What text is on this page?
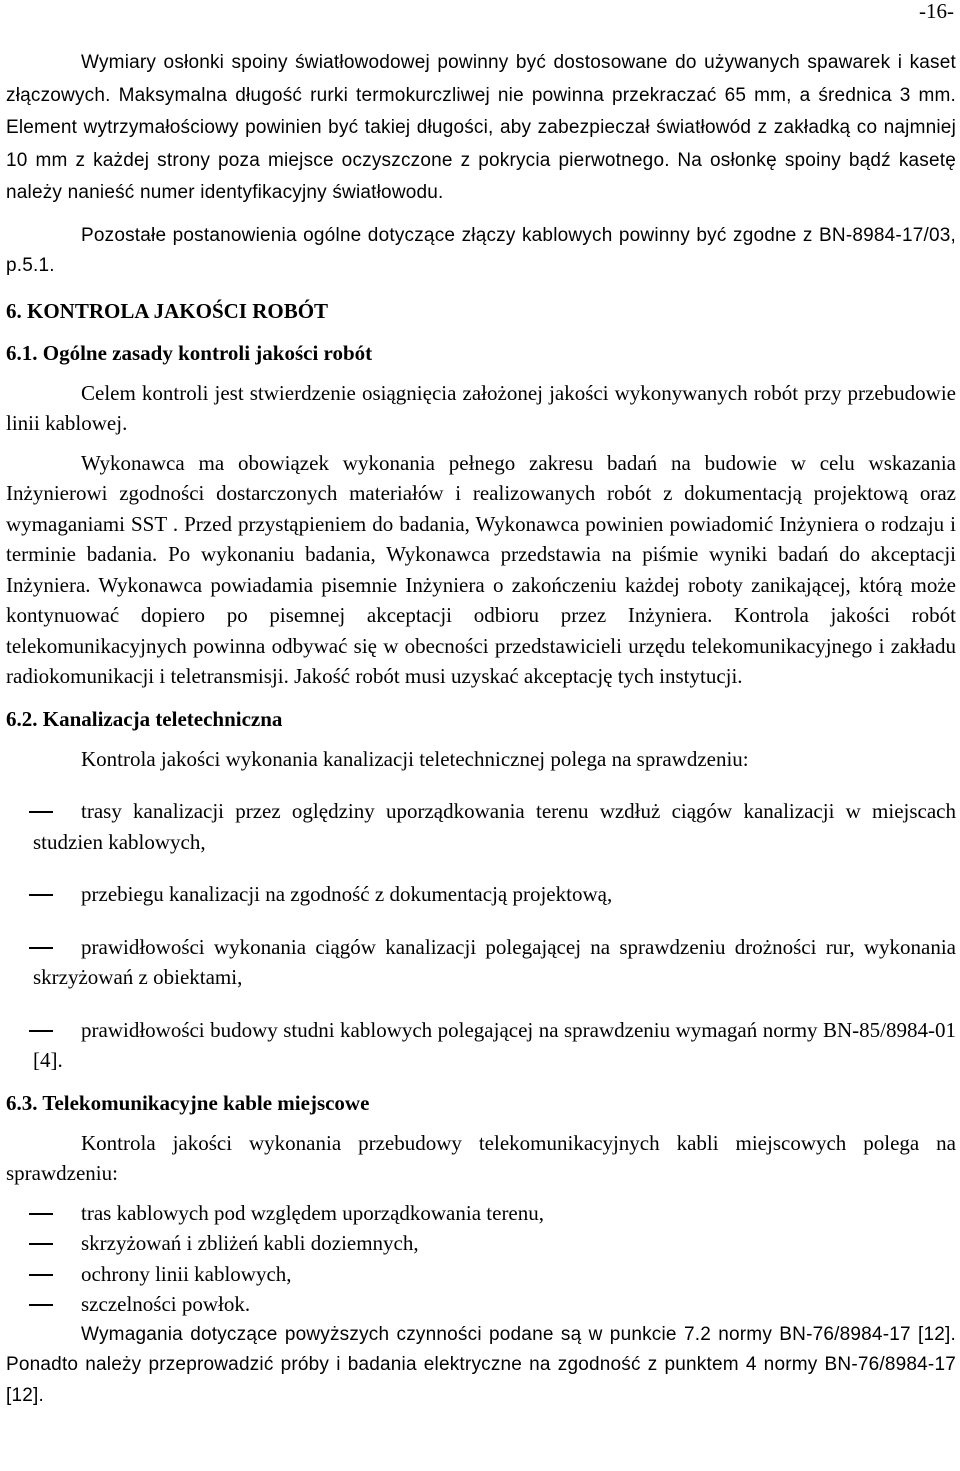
-16-

Wymiary osłonki spoiny światłowodowej powinny być dostosowane do używanych spawarek i kaset złączowych. Maksymalna długość rurki termokurczliwej nie powinna przekraczać 65 mm, a średnica 3 mm. Element wytrzymałościowy powinien być takiej długości, aby zabezpieczał światłowód z zakładką co najmniej 10 mm z każdej strony poza miejsce oczyszczone z pokrycia pierwotnego. Na osłonkę spoiny bądź kasetę należy nanieść numer identyfikacyjny światłowodu.

Pozostałe postanowienia ogólne dotyczące złączy kablowych powinny być zgodne z BN-8984-17/03, p.5.1.

6. KONTROLA JAKOŚCI ROBÓT
6.1. Ogólne zasady kontroli jakości robót

Celem kontroli jest stwierdzenie osiągnięcia założonej jakości wykonywanych robót przy przebudowie linii kablowej.

Wykonawca ma obowiązek wykonania pełnego zakresu badań na budowie w celu wskazania Inżynierowi zgodności dostarczonych materiałów i realizowanych robót z dokumentacją projektową oraz wymaganiami SST . Przed przystąpieniem do badania, Wykonawca powinien powiadomić Inżyniera o rodzaju i terminie badania. Po wykonaniu badania, Wykonawca przedstawia na piśmie wyniki badań do akceptacji Inżyniera. Wykonawca powiadamia pisemnie Inżyniera o zakończeniu każdej roboty zanikającej, którą może kontynuować dopiero po pisemnej akceptacji odbioru przez Inżyniera. Kontrola jakości robót telekomunikacyjnych powinna odbywać się w obecności przedstawicieli urzędu telekomunikacyjnego i zakładu radiokomunikacji i teletransmisji. Jakość robót musi uzyskać akceptację tych instytucji.

6.2. Kanalizacja teletechniczna

Kontrola jakości wykonania kanalizacji teletechnicznej polega na sprawdzeniu:

trasy kanalizacji przez oględziny uporządkowania terenu wzdłuż ciągów kanalizacji w miejscach studzien kablowych,
przebiegu kanalizacji na zgodność z dokumentacją projektową,
prawidłowości wykonania ciągów kanalizacji polegającej na sprawdzeniu drożności rur, wykonania skrzyżowań z obiektami,
prawidłowości budowy studni kablowych polegającej na sprawdzeniu wymagań normy BN-85/8984-01 [4].
6.3. Telekomunikacyjne kable miejscowe

Kontrola jakości wykonania przebudowy telekomunikacyjnych kabli miejscowych polega na sprawdzeniu:

tras kablowych pod względem uporządkowania terenu,
skrzyżowań i zbliżeń kabli doziemnych,
ochrony linii kablowych,
szczelności powłok.

Wymagania dotyczące powyższych czynności podane są w punkcie 7.2 normy BN-76/8984-17 [12]. Ponadto należy przeprowadzić próby i badania elektryczne na zgodność z punktem 4 normy BN-76/8984-17 [12].
